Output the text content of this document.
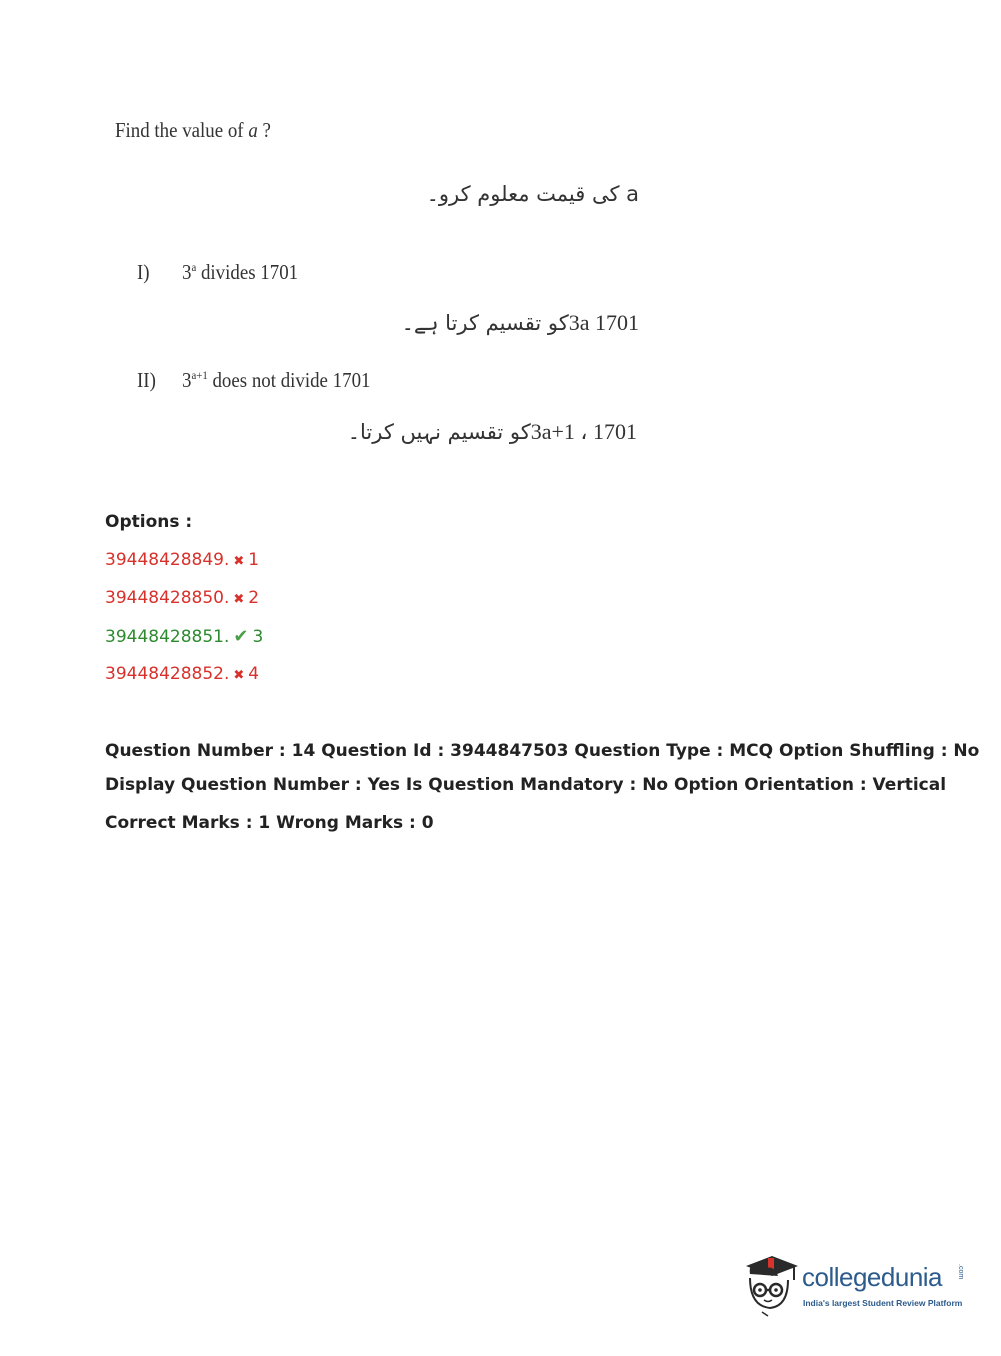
Find the value of a ?
a کی قیمت معلوم کرو۔
I) 3$^a$ divides 1701
3a 1701کو تقسیم کرتا ہے۔
II) $3^{a+1}$ does not divide 1701
3a+1 ، 1701کو تقسیم نہیں کرتا۔
Options :
39448428849. ✖ 1
39448428850. ✖ 2
39448428851. ✔ 3
39448428852. ✖ 4
Question Number : 14 Question Id : 3944847503 Question Type : MCQ Option Shuffling : No
Display Question Number : Yes Is Question Mandatory : No Option Orientation : Vertical
Correct Marks : 1 Wrong Marks : 0
collegedunia .com
India's largest Student Review Platform
